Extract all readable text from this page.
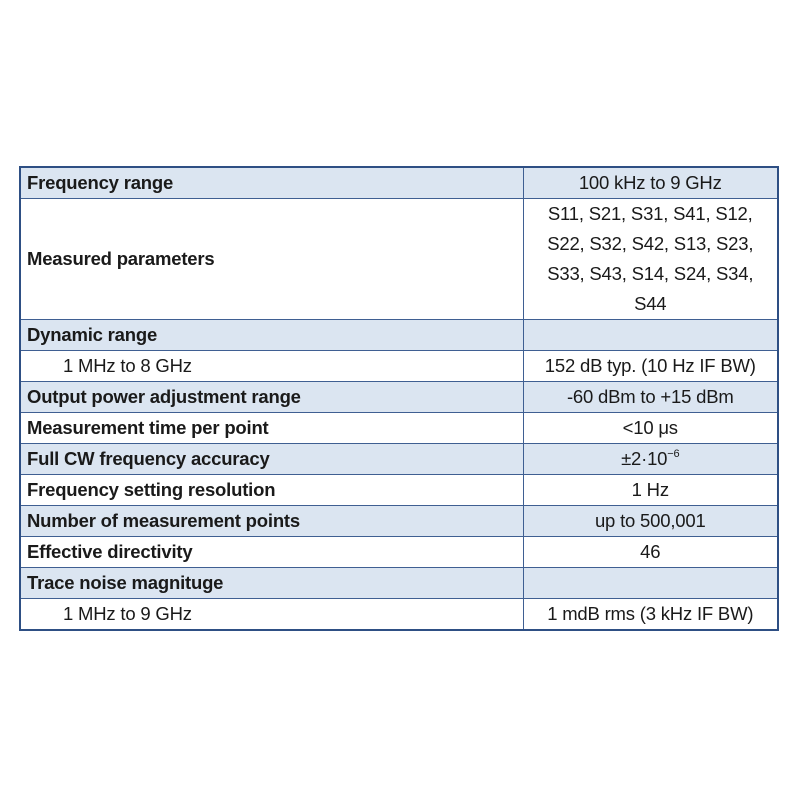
Frequency range	100 kHz to 9 GHz
Measured parameters	S11, S21, S31, S41, S12,
S22, S32, S42, S13, S23,
S33, S43, S14, S24, S34,
S44

Dynamic range	
1 MHz to 8 GHz	152 dB typ. (10 Hz IF BW)
Output power adjustment range	-60 dBm to +15 dBm
Measurement time per point	<10 μs
Full CW frequency accuracy	$\pm 2\cdot 10^{-6}$
Frequency setting resolution	1 Hz
Number of measurement points	up to 500,001
Effective directivity	46
Trace noise magnituge	
1 MHz to 9 GHz	1 mdB rms (3 kHz IF BW)
